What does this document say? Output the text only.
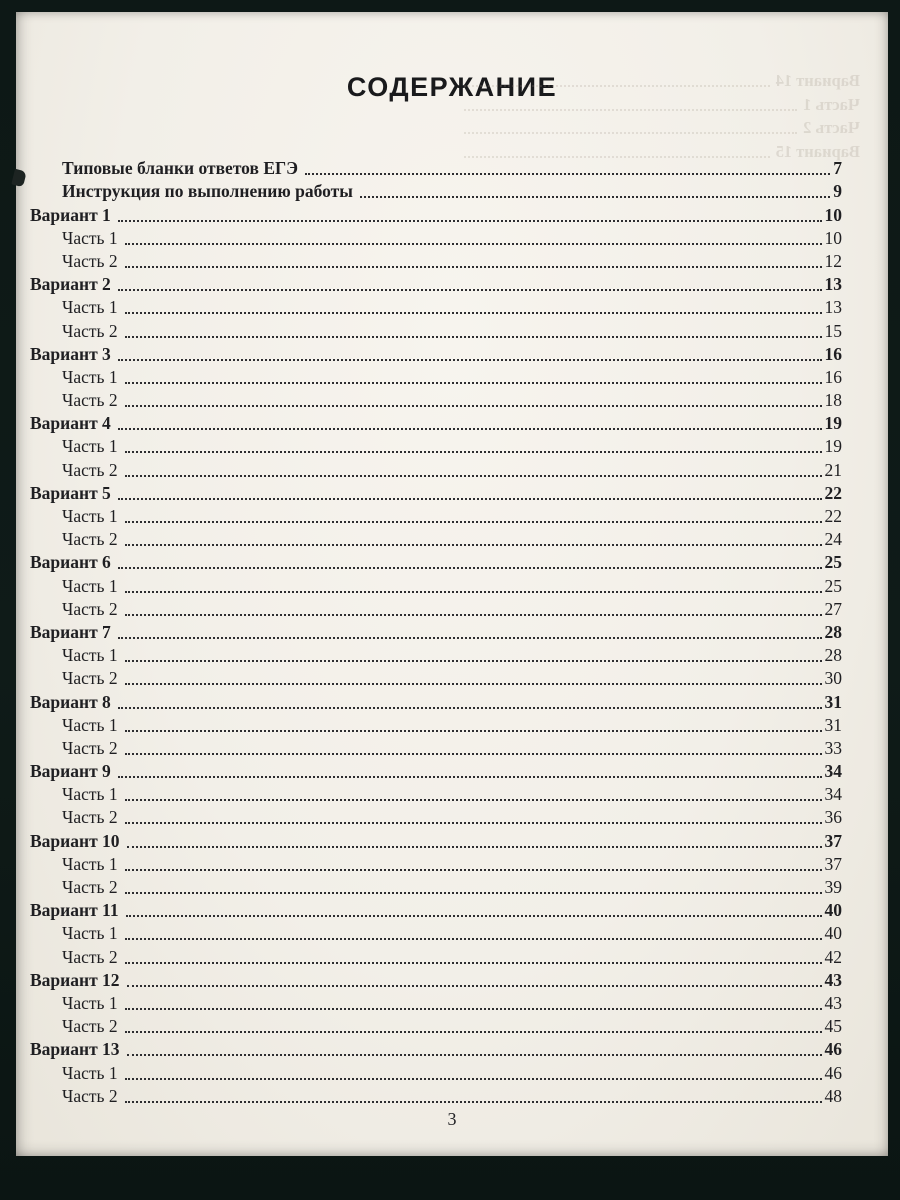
Вариант 14
Часть 1
Часть 2
Вариант 15
СОДЕРЖАНИЕ
Типовые бланки ответов ЕГЭ	7
Инструкция по выполнению работы	9
Вариант 1	10
Часть 1	10
Часть 2	12
Вариант 2	13
Часть 1	13
Часть 2	15
Вариант 3	16
Часть 1	16
Часть 2	18
Вариант 4	19
Часть 1	19
Часть 2	21
Вариант 5	22
Часть 1	22
Часть 2	24
Вариант 6	25
Часть 1	25
Часть 2	27
Вариант 7	28
Часть 1	28
Часть 2	30
Вариант 8	31
Часть 1	31
Часть 2	33
Вариант 9	34
Часть 1	34
Часть 2	36
Вариант 10	37
Часть 1	37
Часть 2	39
Вариант 11	40
Часть 1	40
Часть 2	42
Вариант 12	43
Часть 1	43
Часть 2	45
Вариант 13	46
Часть 1	46
Часть 2	48
3
